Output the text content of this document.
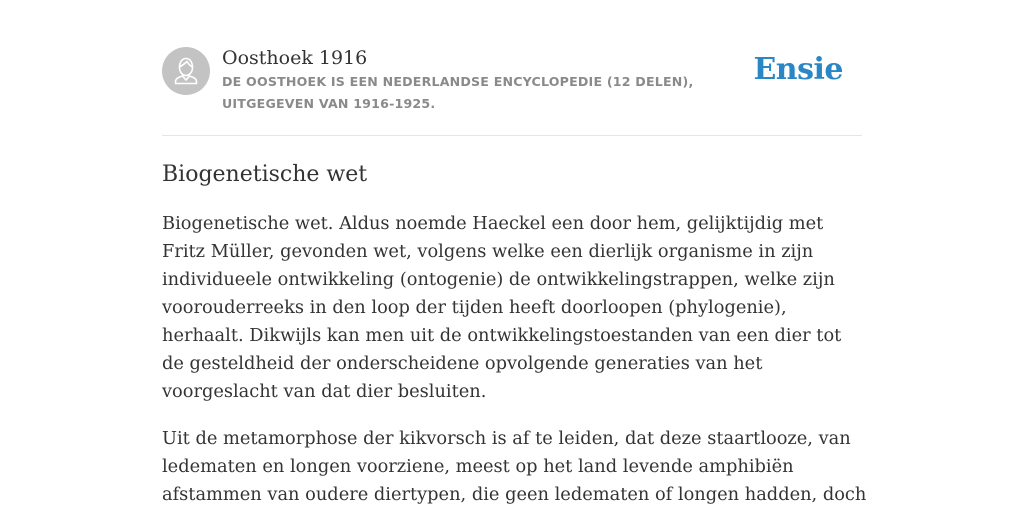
Oosthoek 1916
DE OOSTHOEK IS EEN NEDERLANDSE ENCYCLOPEDIE (12 DELEN), UITGEGEVEN VAN 1916-1925.
Ensie
Biogenetische wet

Biogenetische wet. Aldus noemde Haeckel een door hem, gelijktijdig met Fritz Müller, gevonden wet, volgens welke een dierlijk organisme in zijn individueele ontwikkeling (ontogenie) de ontwikkelingstrappen, welke zijn voorouderreeks in den loop der tijden heeft doorloopen (phylogenie), herhaalt. Dikwijls kan men uit de ontwikkelingstoestanden van een dier tot de gesteldheid der onderscheidene opvolgende generaties van het voorgeslacht van dat dier besluiten.

Uit de metamorphose der kikvorsch is af te leiden, dat deze staartlooze, van ledematen en longen voorziene, meest op het land levende amphibiën afstammen van oudere diertypen, die geen ledematen of longen hadden, doch
